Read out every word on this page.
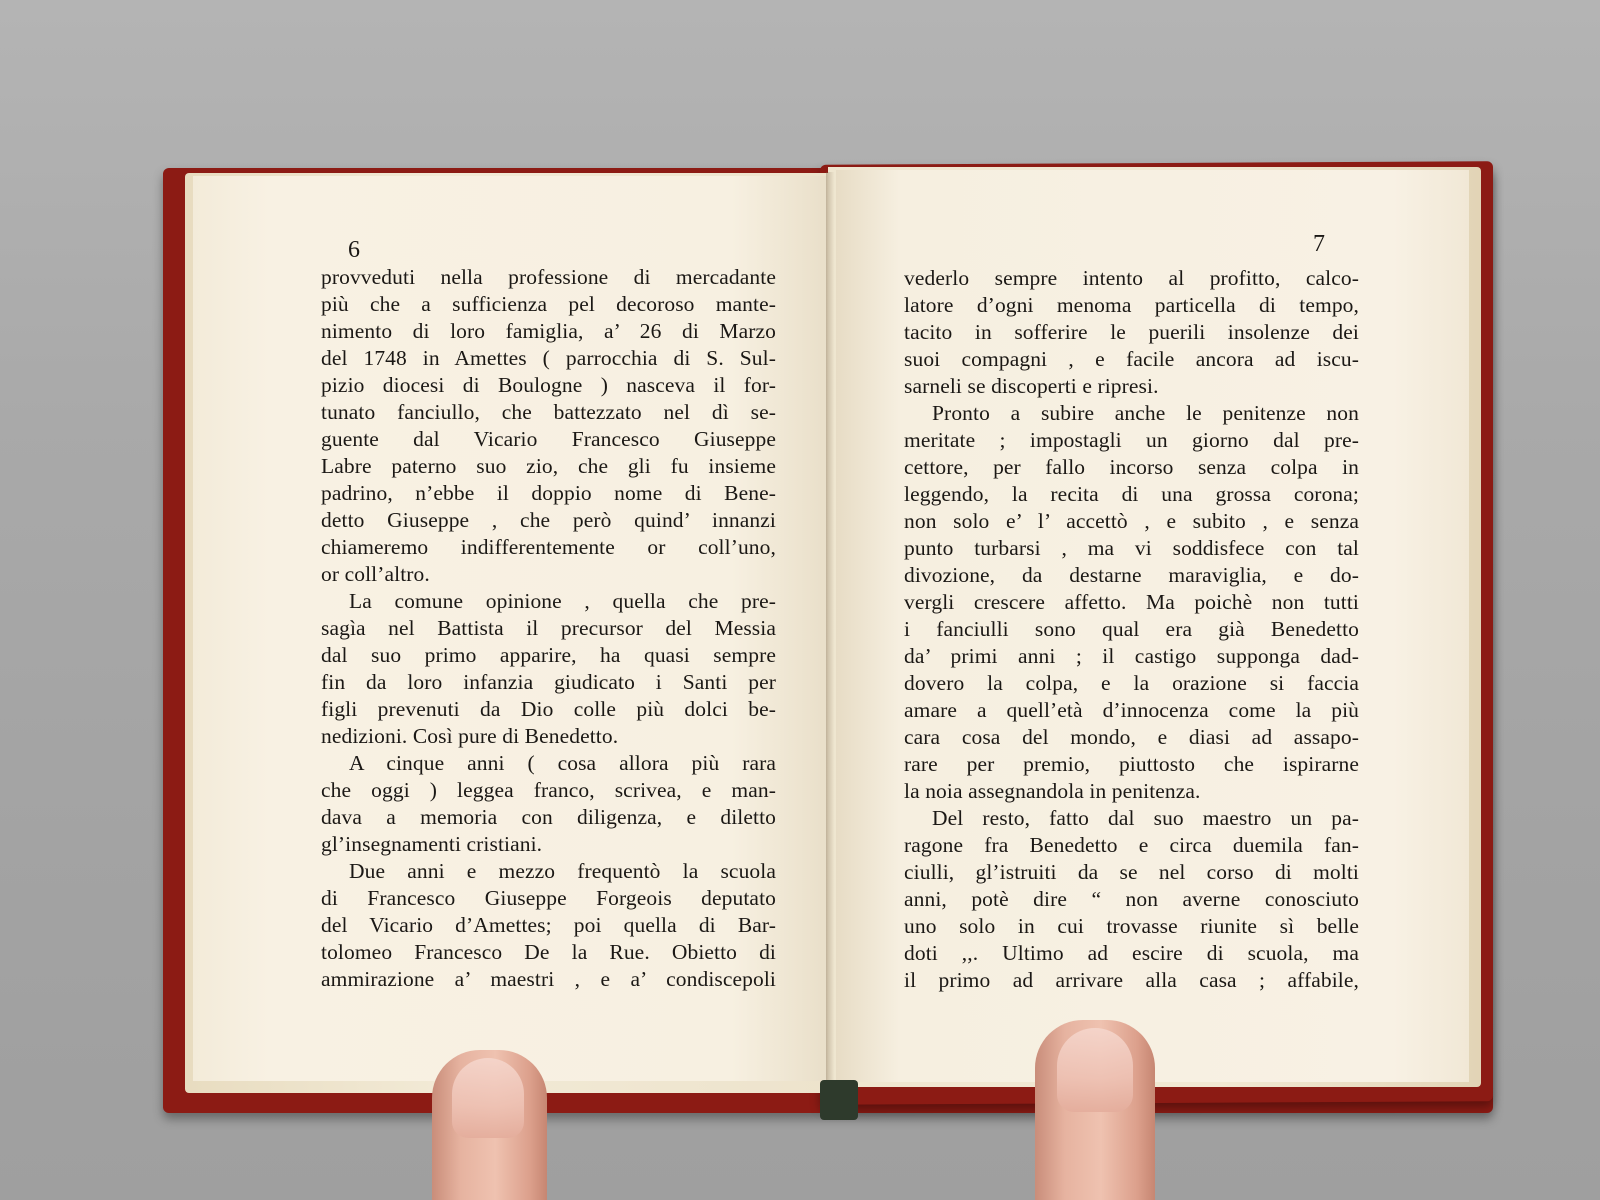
6
provveduti nella professione di mercadante
più che a sufficienza pel decoroso mante-
nimento di loro famiglia, a’ 26 di Marzo
del 1748 in Amettes ( parrocchia di S. Sul-
pizio diocesi di Boulogne ) nasceva il for-
tunato fanciullo, che battezzato nel dì se-
guente dal Vicario Francesco Giuseppe
Labre paterno suo zio, che gli fu insieme
padrino, n’ebbe il doppio nome di Bene-
detto Giuseppe , che però quind’ innanzi
chiameremo indifferentemente or coll’uno,
or coll’altro.
La comune opinione , quella che pre-
sagìa nel Battista il precursor del Messia
dal suo primo apparire, ha quasi sempre
fin da loro infanzia giudicato i Santi per
figli prevenuti da Dio colle più dolci be-
nedizioni. Così pure di Benedetto.
A cinque anni ( cosa allora più rara
che oggi ) leggea franco, scrivea, e man-
dava a memoria con diligenza, e diletto
gl’insegnamenti cristiani.
Due anni e mezzo frequentò la scuola
di Francesco Giuseppe Forgeois deputato
del Vicario d’Amettes; poi quella di Bar-
tolomeo Francesco De la Rue. Obietto di
ammirazione a’ maestri , e a’ condiscepoli
7
vederlo sempre intento al profitto, calco-
latore d’ogni menoma particella di tempo,
tacito in sofferire le puerili insolenze dei
suoi compagni , e facile ancora ad iscu-
sarneli se discoperti e ripresi.
Pronto a subire anche le penitenze non
meritate ; impostagli un giorno dal pre-
cettore, per fallo incorso senza colpa in
leggendo, la recita di una grossa corona;
non solo e’ l’ accettò , e subito , e senza
punto turbarsi , ma vi soddisfece con tal
divozione, da destarne maraviglia, e do-
vergli crescere affetto. Ma poichè non tutti
i fanciulli sono qual era già Benedetto
da’ primi anni ; il castigo supponga dad-
dovero la colpa, e la orazione si faccia
amare a quell’età d’innocenza come la più
cara cosa del mondo, e diasi ad assapo-
rare per premio, piuttosto che ispirarne
la noia assegnandola in penitenza.
Del resto, fatto dal suo maestro un pa-
ragone fra Benedetto e circa duemila fan-
ciulli, gl’istruiti da se nel corso di molti
anni, potè dire “ non averne conosciuto
uno solo in cui trovasse riunite sì belle
doti ,,. Ultimo ad escire di scuola, ma
il primo ad arrivare alla casa ; affabile,
